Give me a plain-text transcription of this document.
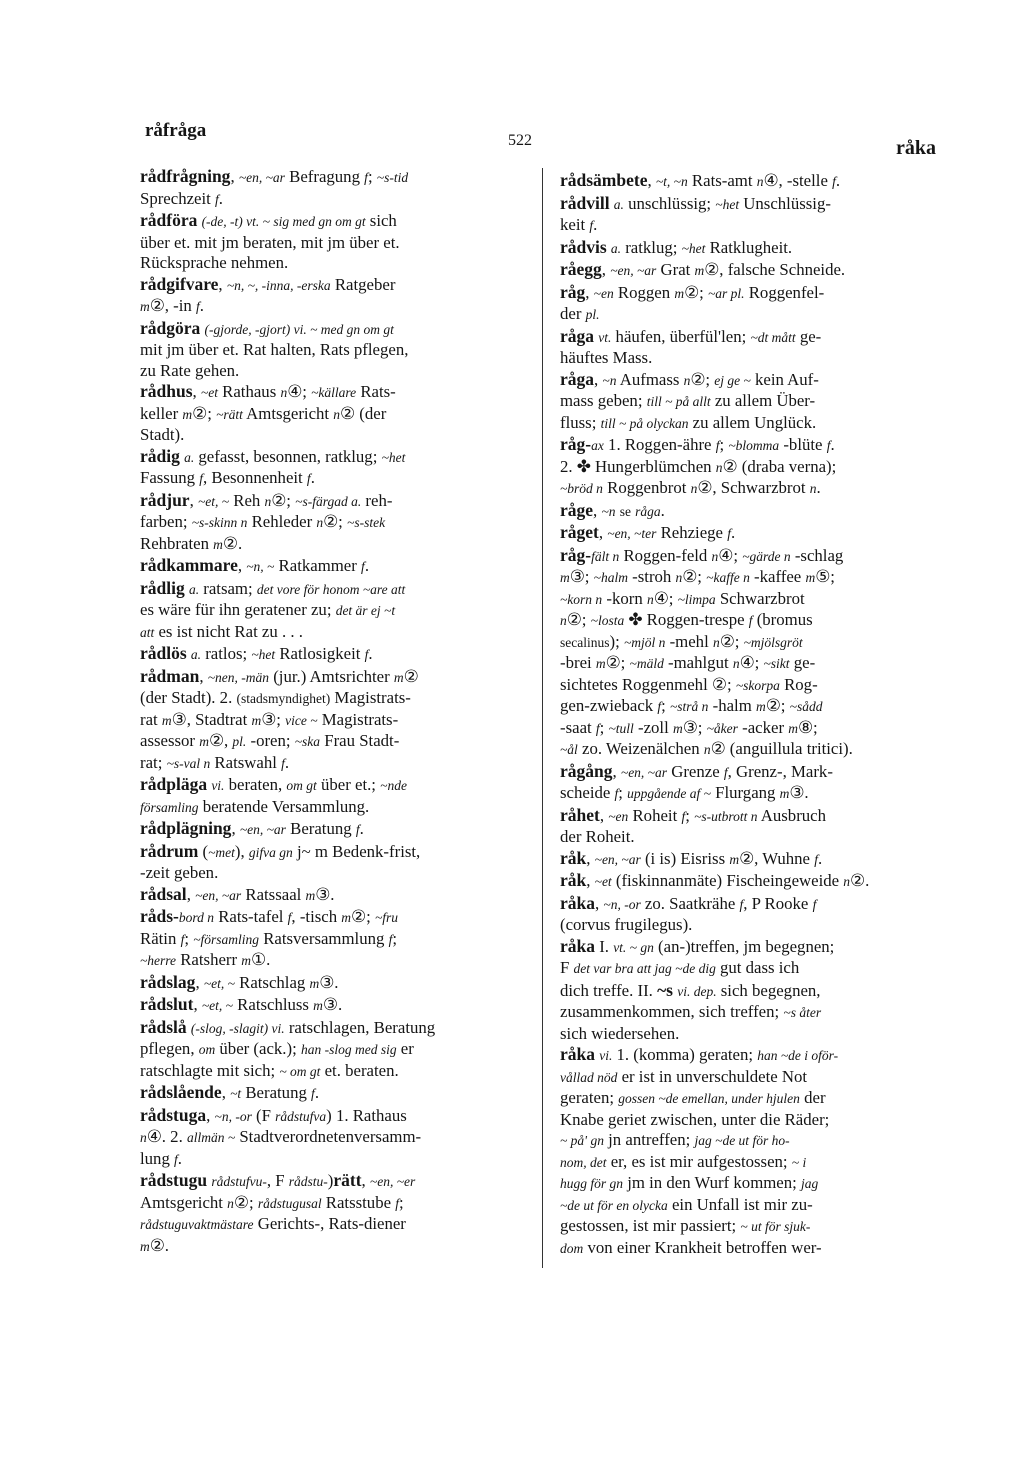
råfråga	522	råka
rådfrågning, ~en, ~ar Befragung f; ~s-tid
Sprechzeit f.
rådföra (-de, -t) vt. ~ sig med gn om gt sich
über et. mit jm beraten, mit jm über et.
Rücksprache nehmen.
rådgifvare, ~n, ~, -inna, -erska Ratgeber
m②, -in f.
rådgöra (-gjorde, -gjort) vi. ~ med gn om gt
mit jm über et. Rat halten, Rats pflegen,
zu Rate gehen.
rådhus, ~et Rathaus n④; ~källare Rats-
keller m②; ~rätt Amtsgericht n② (der
Stadt).
rådig a. gefasst, besonnen, ratklug; ~het
Fassung f, Besonnenheit f.
rådjur, ~et, ~ Reh n②; ~s-färgad a. reh-
farben; ~s-skinn n Rehleder n②; ~s-stek
Rehbraten m②.
rådkammare, ~n, ~ Ratkammer f.
rådlig a. ratsam; det vore för honom ~are att
es wäre für ihn geratener zu; det är ej ~t
att es ist nicht Rat zu . . .
rådlös a. ratlos; ~het Ratlosigkeit f.
rådman, ~nen, -män (jur.) Amtsrichter m②
(der Stadt). 2. (stadsmyndighet) Magistrats-
rat m③, Stadtrat m③; vice ~ Magistrats-
assessor m②, pl. -oren; ~ska Frau Stadt-
rat; ~s-val n Ratswahl f.
rådpläga vi. beraten, om gt über et.; ~nde
församling beratende Versammlung.
rådplägning, ~en, ~ar Beratung f.
rådrum (~met), gifva gn j~ m Bedenk-frist,
-zeit geben.
rådsal, ~en, ~ar Ratssaal m③.
råds-bord n Rats-tafel f, -tisch m②; ~fru
Rätin f; ~församling Ratsversammlung f;
~herre Ratsherr m①.
rådslag, ~et, ~ Ratschlag m③.
rådslut, ~et, ~ Ratschluss m③.
rådslå (-slog, -slagit) vi. ratschlagen, Beratung
pflegen, om über (ack.); han -slog med sig er
ratschlagte mit sich; ~ om gt et. beraten.
rådslående, ~t Beratung f.
rådstuga, ~n, -or (F rådstufva) 1. Rathaus
n④. 2. allmän ~ Stadtverordnetenversamm-
lung f.
rådstugu rådstufvu-, F rådstu-)rätt, ~en, ~er
Amtsgericht n②; rådstugusal Ratsstube f;
rådstuguvaktmästare Gerichts-, Rats-diener
m②.
rådsämbete, ~t, ~n Rats-amt n④, -stelle f.
rådvill a. unschlüssig; ~het Unschlüssig-
keit f.
rådvis a. ratklug; ~het Ratklugheit.
råegg, ~en, ~ar Grat m②, falsche Schneide.
råg, ~en Roggen m②; ~ar pl. Roggenfel-
der pl.
råga vt. häufen, überfül'len; ~dt mått ge-
häuftes Mass.
råga, ~n Aufmass n②; ej ge ~ kein Auf-
mass geben; till ~ på allt zu allem Über-
fluss; till ~ på olyckan zu allem Unglück.
råg-ax 1. Roggen-ähre f; ~blomma -blüte f.
2. ✤ Hungerblümchen n② (draba verna);
~bröd n Roggenbrot n②, Schwarzbrot n.
råge, ~n se råga.
råget, ~en, ~ter Rehziege f.
råg-fält n Roggen-feld n④; ~gärde n -schlag
m③; ~halm -stroh n②; ~kaffe n -kaffee m⑤;
~korn n -korn n④; ~limpa Schwarzbrot
n②; ~losta ✤ Roggen-trespe f (bromus
secalinus); ~mjöl n -mehl n②; ~mjölsgröt
-brei m②; ~mäld -mahlgut n④; ~sikt ge-
sichtetes Roggenmehl ②; ~skorpa Rog-
gen-zwieback f; ~strå n -halm m②; ~sådd
-saat f; ~tull -zoll m③; ~åker -acker m⑧;
~ål zo. Weizenälchen n② (anguillula tritici).
rågång, ~en, ~ar Grenze f, Grenz-, Mark-
scheide f; uppgående af ~ Flurgang m③.
råhet, ~en Roheit f; ~s-utbrott n Ausbruch
der Roheit.
råk, ~en, ~ar (i is) Eisriss m②, Wuhne f.
råk, ~et (fiskinnanmäte) Fischeingeweide n②.
råka, ~n, -or zo. Saatkrähe f, P Rooke f
(corvus frugilegus).
råka I. vt. ~ gn (an-)treffen, jm begegnen;
F det var bra att jag ~de dig gut dass ich
dich treffe. II. ~s vi. dep. sich begegnen,
zusammenkommen, sich treffen; ~s åter
sich wiedersehen.
råka vi. 1. (komma) geraten; han ~de i oför-
vållad nöd er ist in unverschuldete Not
geraten; gossen ~de emellan, under hjulen der
Knabe geriet zwischen, unter die Räder;
~ på' gn jn antreffen; jag ~de ut för ho-
nom, det er, es ist mir aufgestossen; ~ i
hugg för gn jm in den Wurf kommen; jag
~de ut för en olycka ein Unfall ist mir zu-
gestossen, ist mir passiert; ~ ut för sjuk-
dom von einer Krankheit betroffen wer-
